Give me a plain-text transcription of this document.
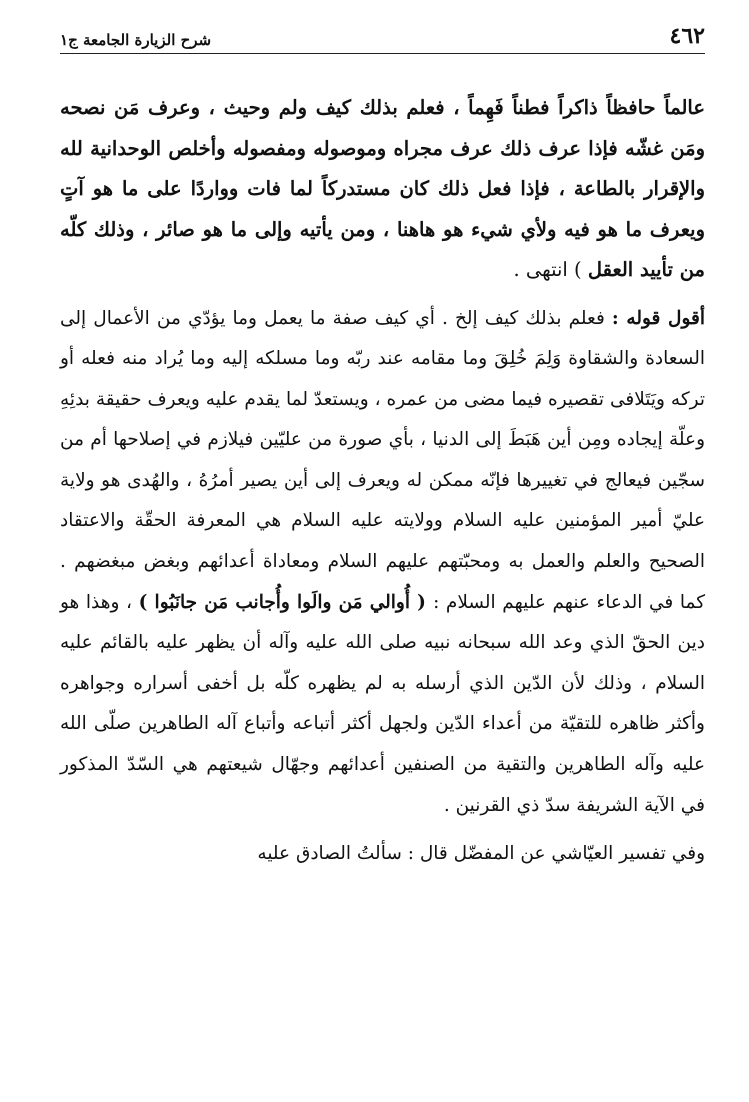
٤٦٢
شرح الزيارة الجامعة ج١

عالماً حافظاً ذاكراً فطناً فَهِماً ، فعلم بذلك كيف ولم وحيث ، وعرف مَن نصحه ومَن غشّه فإذا عرف ذلك عرف مجراه وموصوله ومفصوله وأخلص الوحدانية لله والإقرار بالطاعة ، فإذا فعل ذلك كان مستدركاً لما فات وواردًا على ما هو آتٍ ويعرف ما هو فيه ولأي شيء هو هاهنا ، ومن يأتيه وإلى ما هو صائر ، وذلك كلّه من تأييد العقل ) انتهى .

أقول قوله : فعلم بذلك كيف إلخ . أي كيف صفة ما يعمل وما يؤدّي من الأعمال إلى السعادة والشقاوة وَلِمَ خُلِقَ وما مقامه عند ربّه وما مسلكه إليه وما يُراد منه فعله أو تركه ويَتَلافى تقصيره فيما مضى من عمره ، ويستعدّ لما يقدم عليه ويعرف حقيقة بدئِهِ وعلّة إيجاده ومِن أين هَبَطَ إلى الدنيا ، بأي صورة من عليّين فيلازم في إصلاحها أم من سجّين فيعالج في تغييرها فإنّه ممكن له ويعرف إلى أين يصير أمرُهُ ، والهُدى هو ولاية عليّ أمير المؤمنين عليه السلام وولايته عليه السلام هي المعرفة الحقّة والاعتقاد الصحيح والعلم والعمل به ومحبّتهم عليهم السلام ومعاداة أعدائهم وبغض مبغضهم . كما في الدعاء عنهم عليهم السلام : ( أُوالي مَن والَوا وأُجانب مَن جانَبُوا ) ، وهذا هو دين الحقّ الذي وعد الله سبحانه نبيه صلى الله عليه وآله أن يظهر عليه بالقائم عليه السلام ، وذلك لأن الدّين الذي أرسله به لم يظهره كلّه بل أخفى أسراره وجواهره وأكثر ظاهره للتقيّة من أعداء الدّين ولجهل أكثر أتباعه وأتباع آله الطاهرين صلّى الله عليه وآله الطاهرين والتقية من الصنفين أعدائهم وجهّال شيعتهم هي السّدّ المذكور في الآية الشريفة سدّ ذي القرنين .

وفي تفسير العيّاشي عن المفضّل قال : سألتُ الصادق عليه
